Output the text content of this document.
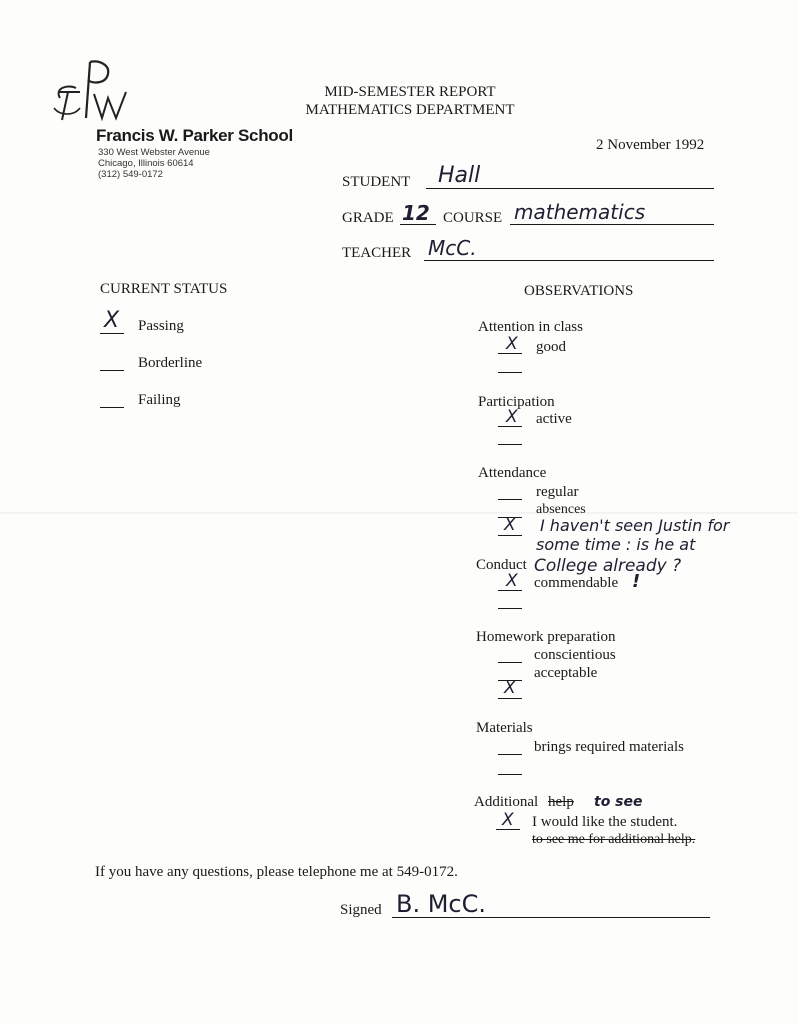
Francis W. Parker School
330 West Webster Avenue
Chicago, Illinois 60614
(312) 549-0172
MID-SEMESTER REPORT
MATHEMATICS DEPARTMENT
2 November 1992
STUDENT Hall
GRADE 12 COURSE mathematics
TEACHER McC.
CURRENT STATUS
X Passing
Borderline
Failing
OBSERVATIONS
Attention in class
X good
Participation
X active
Attendance
regular
absences
X I haven't seen Justin for
some time : is he at
College already ?
Conduct
X commendable !
Homework preparation
conscientious
acceptable
X
Materials
brings required materials
Additional help to see
X I would like the student.
to see me for additional help.
If you have any questions, please telephone me at 549-0172.
Signed B. McC.
